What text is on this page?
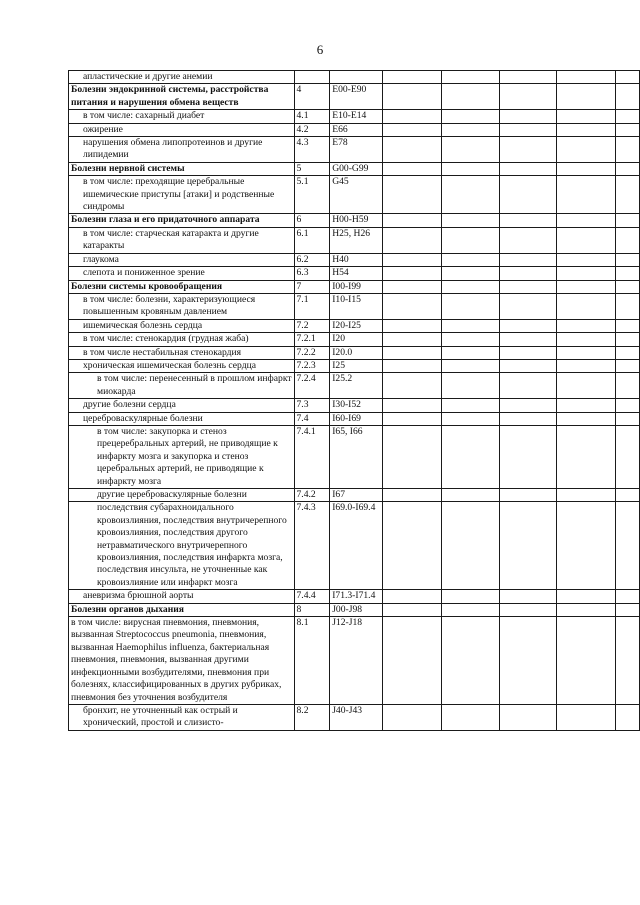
6
апластические и другие анемии							
Болезни эндокринной системы, расстройства питания и нарушения обмена веществ	4	E00-E90					
в том числе: сахарный диабет	4.1	E10-E14					
ожирение	4.2	E66					
нарушения обмена липопротеинов и другие липидемии	4.3	E78					
Болезни нервной системы	5	G00-G99					
в том числе: преходящие церебральные ишемические приступы [атаки] и родственные синдромы	5.1	G45					
Болезни глаза и его придаточного аппарата	6	H00-H59					
в том числе: старческая катаракта и другие катаракты	6.1	H25, H26					
глаукома	6.2	H40					
слепота и пониженное зрение	6.3	H54					
Болезни системы кровообращения	7	I00-I99					
в том числе: болезни, характеризующиеся повышенным кровяным давлением	7.1	I10-I15					
ишемическая болезнь сердца	7.2	I20-I25					
в том числе: стенокардия (грудная жаба)	7.2.1	I20					
в том числе нестабильная стенокардия	7.2.2	I20.0					
хроническая ишемическая болезнь сердца	7.2.3	I25					
в том числе: перенесенный в прошлом инфаркт миокарда	7.2.4	I25.2					
другие болезни сердца	7.3	I30-I52					
цереброваскулярные болезни	7.4	I60-I69					
в том числе: закупорка и стеноз прецеребральных артерий, не приводящие к инфаркту мозга и закупорка и стеноз церебральных артерий, не приводящие к инфаркту мозга	7.4.1	I65, I66					
другие цереброваскулярные болезни	7.4.2	I67					
последствия субарахноидального кровоизлияния, последствия внутричерепного кровоизлияния, последствия другого нетравматического внутричерепного кровоизлияния, последствия инфаркта мозга, последствия инсульта, не уточненные как кровоизлияние или инфаркт мозга	7.4.3	I69.0-I69.4					
аневризма брюшной аорты	7.4.4	I71.3-I71.4					
Болезни органов дыхания	8	J00-J98					
в том числе: вирусная пневмония, пневмония, вызванная Streptococcus pneumonia, пневмония, вызванная Haemophilus influenza, бактериальная пневмония, пневмония, вызванная другими инфекционными возбудителями, пневмония при болезнях, классифицированных в других рубриках, пневмония без уточнения возбудителя	8.1	J12-J18					
бронхит, не уточненный как острый и хронический, простой и слизисто-	8.2	J40-J43					
